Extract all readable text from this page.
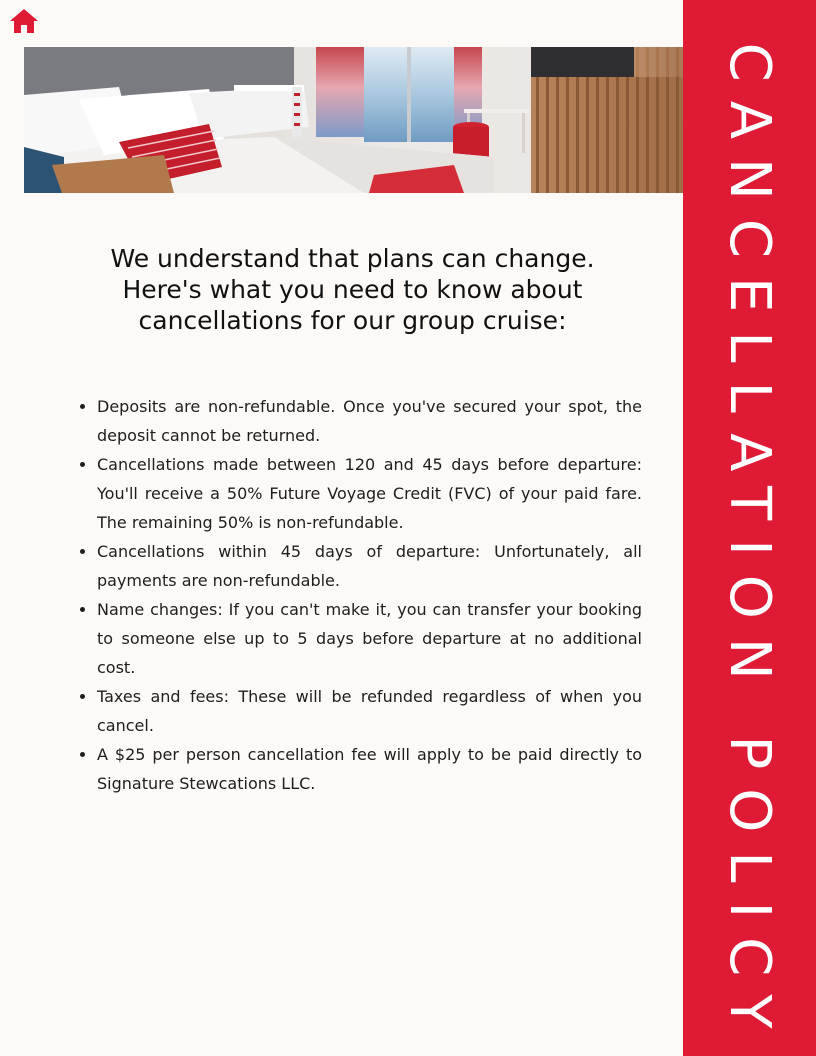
We understand that plans can change.
Here's what you need to know about
cancellations for our group cruise:
Deposits are non-refundable. Once you've secured your spot, the deposit cannot be returned.
Cancellations made between 120 and 45 days before departure: You'll receive a 50% Future Voyage Credit (FVC) of your paid fare. The remaining 50% is non-refundable.
Cancellations within 45 days of departure: Unfortunately, all payments are non-refundable.
Name changes: If you can't make it, you can transfer your booking to someone else up to 5 days before departure at no additional cost.
Taxes and fees: These will be refunded regardless of when you cancel.
A $25 per person cancellation fee will apply to be paid directly to Signature Stewcations LLC.	CANCELLATION POLICY
